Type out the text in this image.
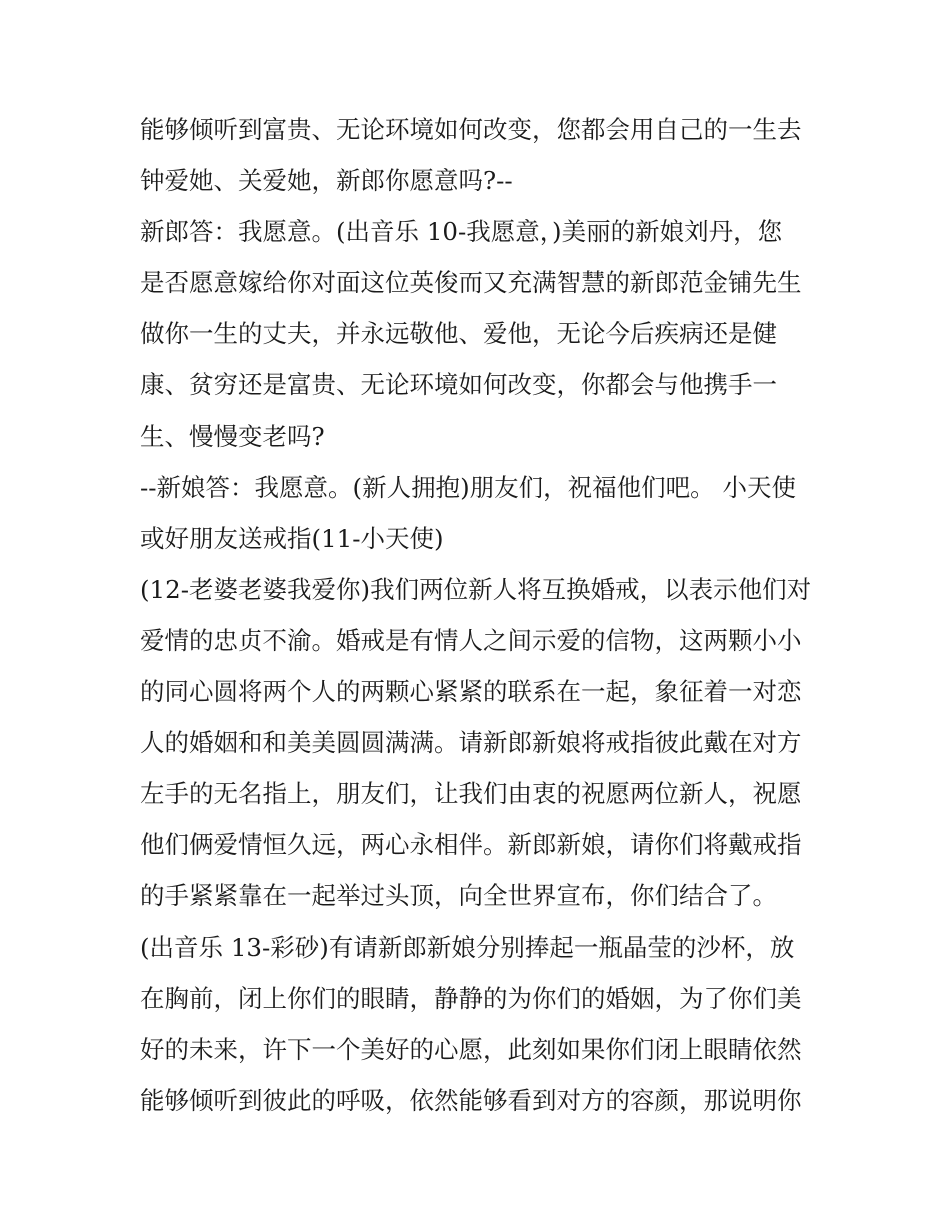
能够倾听到富贵、无论环境如何改变，您都会用自己的一生去
钟爱她、关爱她，新郎你愿意吗?--
新郎答：我愿意。(出音乐 10-我愿意，)美丽的新娘刘丹，您
是否愿意嫁给你对面这位英俊而又充满智慧的新郎范金铺先生
做你一生的丈夫，并永远敬他、爱他，无论今后疾病还是健
康、贫穷还是富贵、无论环境如何改变，你都会与他携手一
生、慢慢变老吗?
--新娘答：我愿意。(新人拥抱)朋友们，祝福他们吧。 小天使
或好朋友送戒指(11-小天使)
(12-老婆老婆我爱你)我们两位新人将互换婚戒，以表示他们对
爱情的忠贞不渝。婚戒是有情人之间示爱的信物，这两颗小小
的同心圆将两个人的两颗心紧紧的联系在一起，象征着一对恋
人的婚姻和和美美圆圆满满。请新郎新娘将戒指彼此戴在对方
左手的无名指上，朋友们，让我们由衷的祝愿两位新人，祝愿
他们俩爱情恒久远，两心永相伴。新郎新娘，请你们将戴戒指
的手紧紧靠在一起举过头顶，向全世界宣布，你们结合了。
(出音乐 13-彩砂)有请新郎新娘分别捧起一瓶晶莹的沙杯，放
在胸前，闭上你们的眼睛，静静的为你们的婚姻，为了你们美
好的未来，许下一个美好的心愿，此刻如果你们闭上眼睛依然
能够倾听到彼此的呼吸，依然能够看到对方的容颜，那说明你
